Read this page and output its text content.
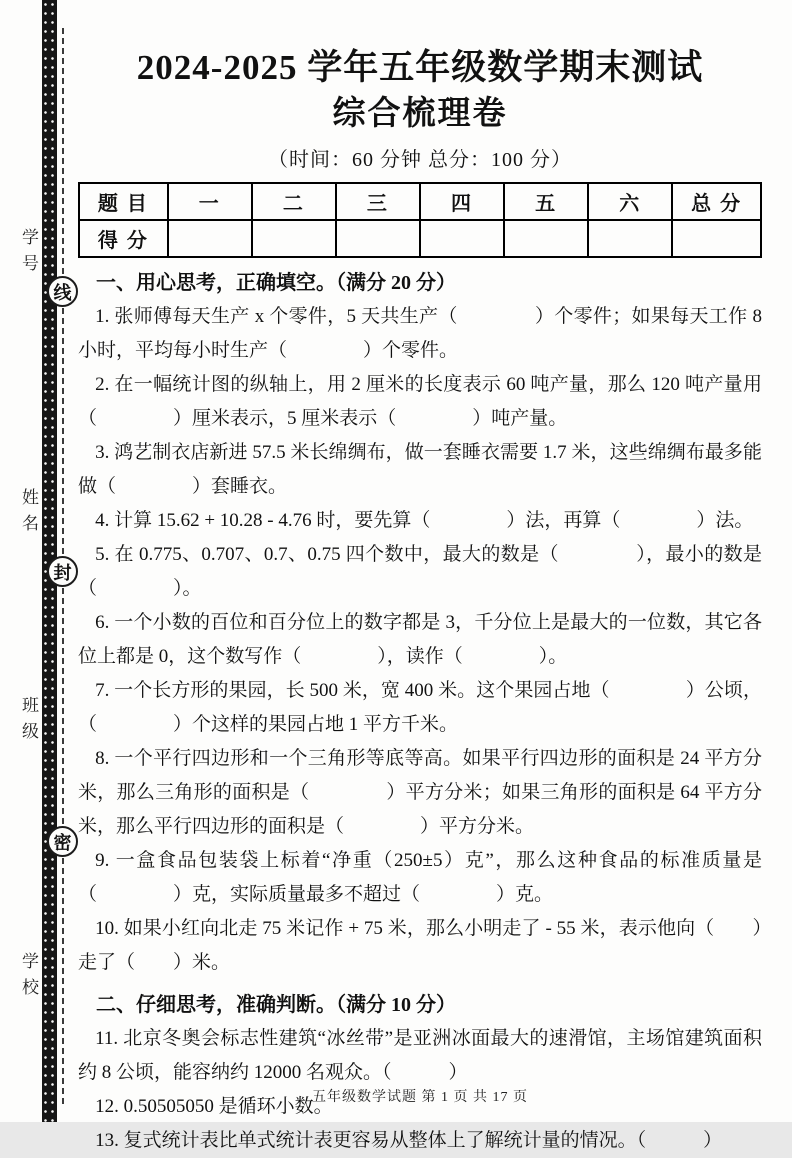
线
封
密
学号
姓名
班级
学校
2024-2025 学年五年级数学期末测试
综合梳理卷
（时间：60 分钟 总分：100 分）
题 目	一	二	三	四	五	六	总 分
得 分							
一、用心思考，正确填空。（满分 20 分）

1. 张师傅每天生产 x 个零件，5 天共生产（　　　　）个零件；如果每天工作 8 小时，平均每小时生产（　　　　）个零件。

2. 在一幅统计图的纵轴上，用 2 厘米的长度表示 60 吨产量，那么 120 吨产量用（　　　　）厘米表示，5 厘米表示（　　　　）吨产量。

3. 鸿艺制衣店新进 57.5 米长绵绸布，做一套睡衣需要 1.7 米，这些绵绸布最多能做（　　　　）套睡衣。

4. 计算 15.62 + 10.28 - 4.76 时，要先算（　　　　）法，再算（　　　　）法。

5. 在 0.775、0.707、0.7、0.75 四个数中，最大的数是（　　　　），最小的数是（　　　　）。

6. 一个小数的百位和百分位上的数字都是 3，千分位上是最大的一位数，其它各位上都是 0，这个数写作（　　　　），读作（　　　　）。

7. 一个长方形的果园，长 500 米，宽 400 米。这个果园占地（　　　　）公顷，（　　　　）个这样的果园占地 1 平方千米。

8. 一个平行四边形和一个三角形等底等高。如果平行四边形的面积是 24 平方分米，那么三角形的面积是（　　　　）平方分米；如果三角形的面积是 64 平方分米，那么平行四边形的面积是（　　　　）平方分米。

9. 一盒食品包装袋上标着“净重（250±5）克”，那么这种食品的标准质量是（　　　　）克，实际质量最多不超过（　　　　）克。

10. 如果小红向北走 75 米记作 + 75 米，那么小明走了 - 55 米，表示他向（　　）走了（　　）米。

二、仔细思考，准确判断。（满分 10 分）

11. 北京冬奥会标志性建筑“冰丝带”是亚洲冰面最大的速滑馆，主场馆建筑面积约 8 公顷，能容纳约 12000 名观众。（　　　）

12. 0.50505050 是循环小数。

13. 复式统计表比单式统计表更容易从整体上了解统计量的情况。（　　　）

五年级数学试题 第 1 页 共 17 页
